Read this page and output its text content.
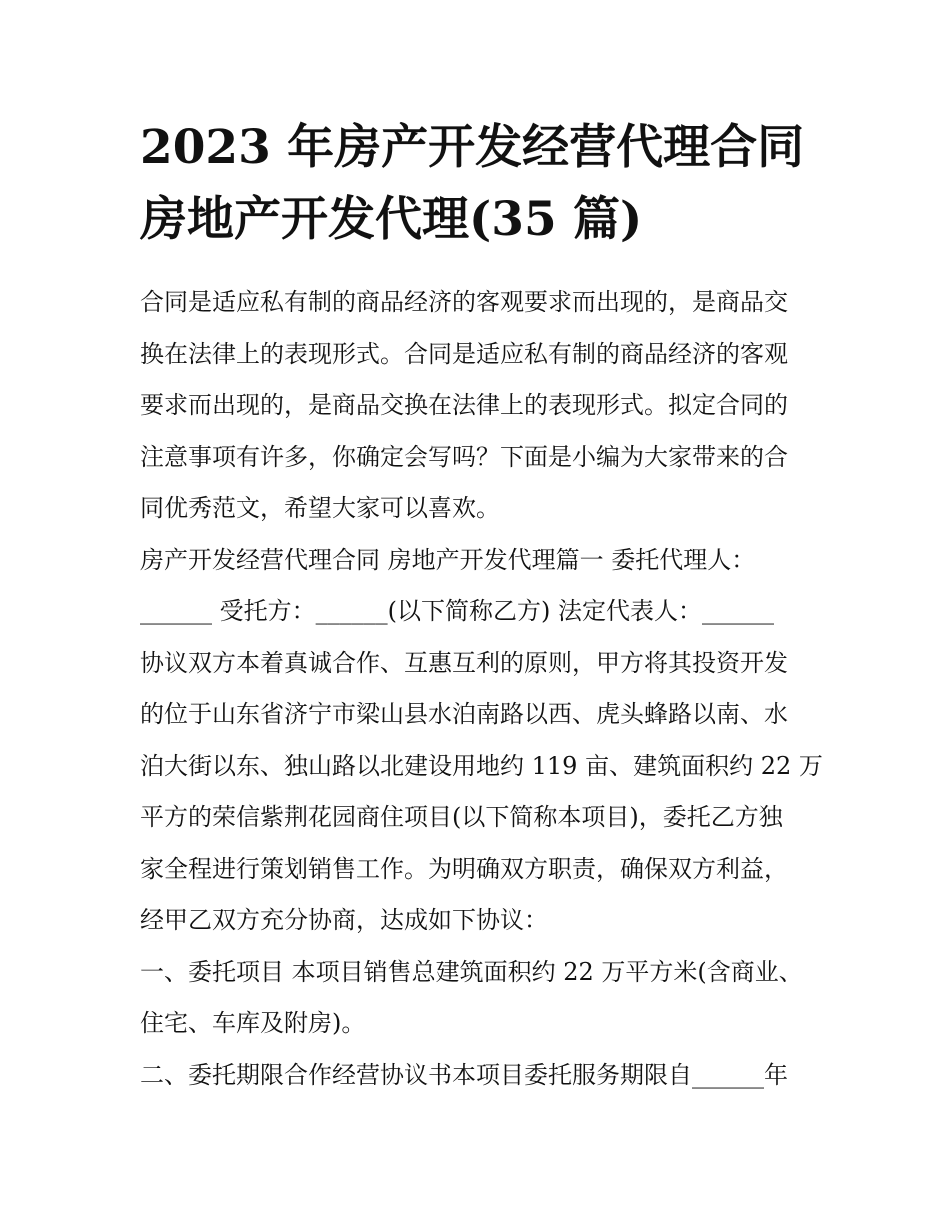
2023 年房产开发经营代理合同
房地产开发代理(35 篇)
合同是适应私有制的商品经济的客观要求而出现的，是商品交
换在法律上的表现形式。合同是适应私有制的商品经济的客观
要求而出现的，是商品交换在法律上的表现形式。拟定合同的
注意事项有许多，你确定会写吗？下面是小编为大家带来的合
同优秀范文，希望大家可以喜欢。
房产开发经营代理合同 房地产开发代理篇一 委托代理人：
______ 受托方：______(以下简称乙方) 法定代表人：______
协议双方本着真诚合作、互惠互利的原则，甲方将其投资开发
的位于山东省济宁市梁山县水泊南路以西、虎头蜂路以南、水
泊大街以东、独山路以北建设用地约 119 亩、建筑面积约 22 万
平方的荣信紫荆花园商住项目(以下简称本项目)，委托乙方独
家全程进行策划销售工作。为明确双方职责，确保双方利益，
经甲乙双方充分协商，达成如下协议：
一、委托项目 本项目销售总建筑面积约 22 万平方米(含商业、
住宅、车库及附房)。
二、委托期限合作经营协议书本项目委托服务期限自______年
